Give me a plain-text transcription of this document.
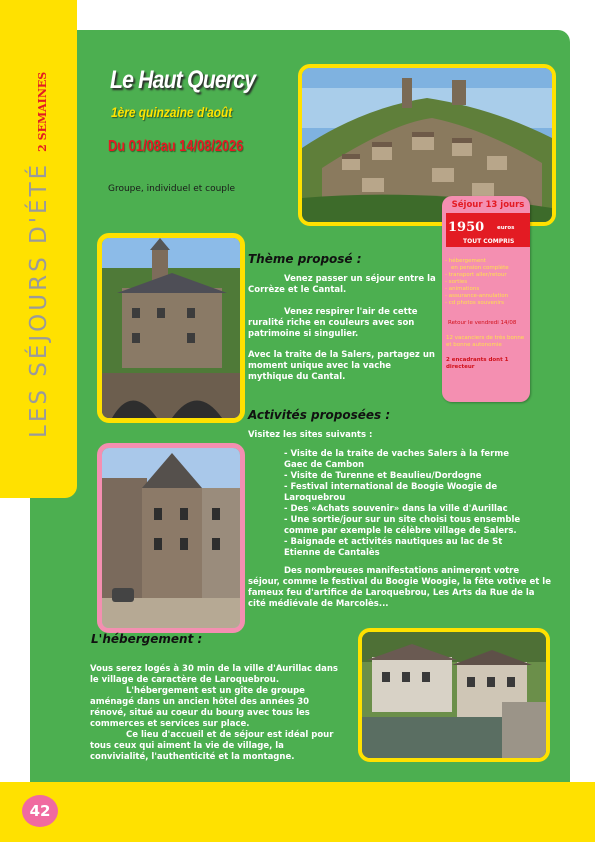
LES SÉJOURS D'ÉTÉ
2 SEMAINES
42
Le Haut Quercy
1ère quinzaine d'août
Du 01/08au 14/08/2026
Groupe, individuel et couple
Séjour 13 jours
1950 euros
TOUT COMPRIS
- hébergement
en pension complète
- transport aller/retour
- sorties
- animations
- assurance-annulation
- cd photos souvenirs
Retour le vendredi 14/08
12 vacanciers de très bonne et bonne autonomie
2 encadrants dont 1 directeur
Thème proposé :
Venez passer un séjour entre la Corrèze et le Cantal.
Venez respirer l'air de cette ruralité riche en couleurs avec son patrimoine si singulier.
Avec la traite de la Salers, partagez un moment unique avec la vache mythique du Cantal.
Activités proposées :
Visitez les sites suivants :
- Visite de la traite de vaches Salers à la ferme Gaec de Cambon
- Visite de Turenne et Beaulieu/Dordogne
- Festival international de Boogie Woogie de Laroquebrou
- Des «Achats souvenir» dans la ville d'Aurillac
- Une sortie/jour sur un site choisi tous ensemble comme par exemple le célèbre village de Salers.
- Baignade et activités nautiques au lac de St Etienne de Cantalès
Des nombreuses manifestations animeront votre séjour, comme le festival du Boogie Woogie, la fête votive et le fameux feu d'artifice de Laroquebrou, Les Arts da Rue de la cité médiévale de Marcolès...
L'hébergement :
Vous serez logés à 30 min de la ville d'Aurillac dans le village de caractère de Laroquebrou.
L'hébergement est un gîte de groupe aménagé dans un ancien hôtel des années 30 rénové, situé au coeur du bourg avec tous les commerces et services sur place.
Ce lieu d'accueil et de séjour est idéal pour tous ceux qui aiment la vie de village, la convivialité, l'authenticité et la montagne.
